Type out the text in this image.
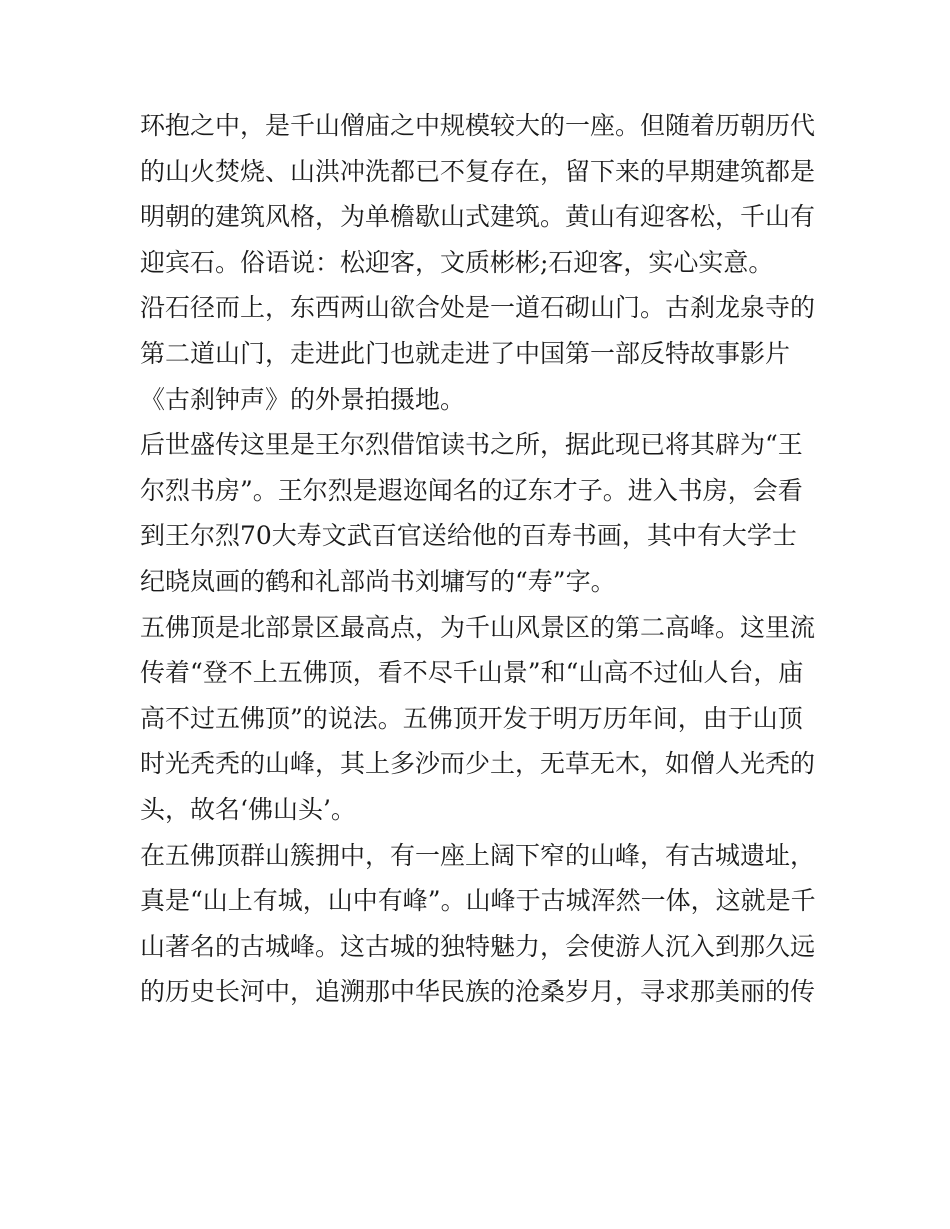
环抱之中，是千山僧庙之中规模较大的一座。但随着历朝历代
的山火焚烧、山洪冲洗都已不复存在，留下来的早期建筑都是
明朝的建筑风格，为单檐歇山式建筑。黄山有迎客松，千山有
迎宾石。俗语说：松迎客，文质彬彬;石迎客，实心实意。
沿石径而上，东西两山欲合处是一道石砌山门。古刹龙泉寺的
第二道山门，走进此门也就走进了中国第一部反特故事影片
《古刹钟声》的外景拍摄地。
后世盛传这里是王尔烈借馆读书之所，据此现已将其辟为“王
尔烈书房”。王尔烈是遐迩闻名的辽东才子。进入书房，会看
到王尔烈70大寿文武百官送给他的百寿书画，其中有大学士
纪晓岚画的鹤和礼部尚书刘墉写的“寿”字。
五佛顶是北部景区最高点，为千山风景区的第二高峰。这里流
传着“登不上五佛顶，看不尽千山景”和“山高不过仙人台，庙
高不过五佛顶”的说法。五佛顶开发于明万历年间，由于山顶
时光秃秃的山峰，其上多沙而少土，无草无木，如僧人光秃的
头，故名‘佛山头’。
在五佛顶群山簇拥中，有一座上阔下窄的山峰，有古城遗址，
真是“山上有城，山中有峰”。山峰于古城浑然一体，这就是千
山著名的古城峰。这古城的独特魅力，会使游人沉入到那久远
的历史长河中，追溯那中华民族的沧桑岁月，寻求那美丽的传
